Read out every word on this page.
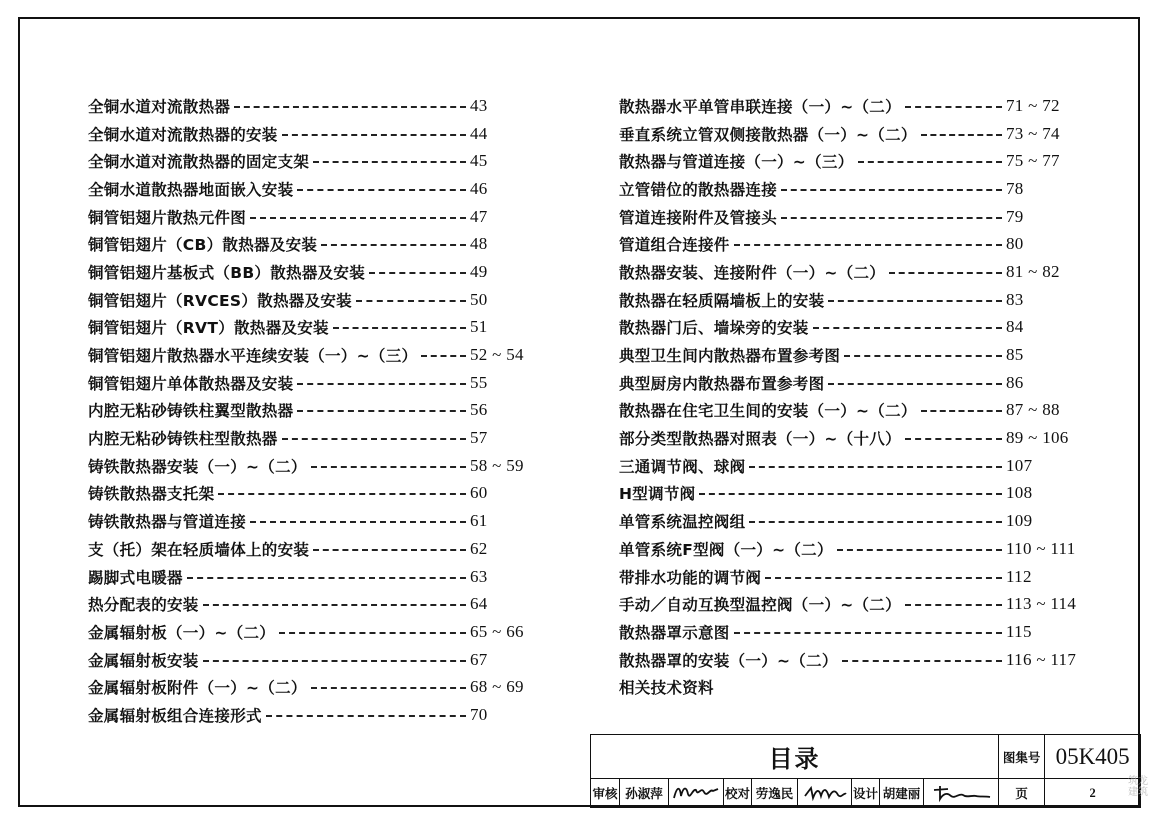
全铜水道对流散热器	43
全铜水道对流散热器的安装	44
全铜水道对流散热器的固定支架	45
全铜水道散热器地面嵌入安装	46
铜管铝翅片散热元件图	47
铜管铝翅片（CB）散热器及安装	48
铜管铝翅片基板式（BB）散热器及安装	49
铜管铝翅片（RVCES）散热器及安装	50
铜管铝翅片（RVT）散热器及安装	51
铜管铝翅片散热器水平连续安装（一）~（三）	52 ~ 54
铜管铝翅片单体散热器及安装	55
内腔无粘砂铸铁柱翼型散热器	56
内腔无粘砂铸铁柱型散热器	57
铸铁散热器安装（一）~（二）	58 ~ 59
铸铁散热器支托架	60
铸铁散热器与管道连接	61
支（托）架在轻质墙体上的安装	62
踢脚式电暖器	63
热分配表的安装	64
金属辐射板（一）~（二）	65 ~ 66
金属辐射板安装	67
金属辐射板附件（一）~（二）	68 ~ 69
金属辐射板组合连接形式	70
散热器水平单管串联连接（一）~（二）	71 ~ 72
垂直系统立管双侧接散热器（一）~（二）	73 ~ 74
散热器与管道连接（一）~（三）	75 ~ 77
立管错位的散热器连接	78
管道连接附件及管接头	79
管道组合连接件	80
散热器安装、连接附件（一）~（二）	81 ~ 82
散热器在轻质隔墙板上的安装	83
散热器门后、墙垛旁的安装	84
典型卫生间内散热器布置参考图	85
典型厨房内散热器布置参考图	86
散热器在住宅卫生间的安装（一）~（二）	87 ~ 88
部分类型散热器对照表（一）~（十八）	89 ~ 106
三通调节阀、球阀	107
H型调节阀	108
单管系统温控阀组	109
单管系统F型阀（一）~（二）	110 ~ 111
带排水功能的调节阀	112
手动／自动互换型温控阀（一）~（二）	113 ~ 114
散热器罩示意图	115
散热器罩的安装（一）~（二）	116 ~ 117
相关技术资料
目录									图集号	05K405
审核	孙淑萍		校对	劳逸民		设计	胡建丽		页	2
筑龙 建筑
